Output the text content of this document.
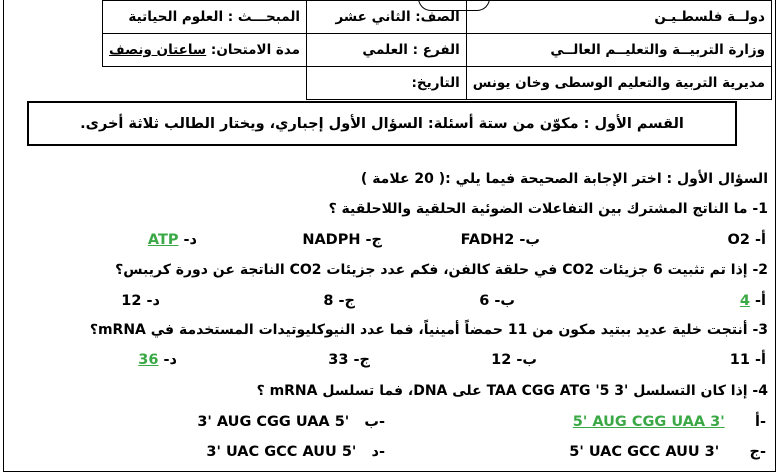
دولــة فلسطـيـن	الصف: الثاني عشر	المبحـــث : العلوم الحياتية
وزارة التربيــة والتعليــم العالــي	الفرع : العلمي	مدة الامتحان: ساعتان ونصف
مديرية التربية والتعليم الوسطى وخان يونس	التاريخ:	
القسم الأول : مكوّن من ستة أسئلة: السؤال الأول إجباري، ويختار الطالب ثلاثة أخرى.
السؤال الأول : اختر الإجابة الصحيحة فيما يلي :( 20 علامة )
1- ما الناتج المشترك بين التفاعلات الضوئية الحلقية واللاحلقية ؟
أ- O2
ب- FADH2
ج- NADPH
د- ATP
2- إذا تم تثبيت 6 جزيئات CO2 في حلقة كالفن، فكم عدد جزيئات CO2 الناتجة عن دورة كريبس؟
أ- 4
ب- 6
ج- 8
د- 12
3- أنتجت خلية عديد ببتيد مكون من 11 حمضاً أمينياً، فما عدد النيوكليوتيدات المستخدمة في mRNA؟
أ- 11
ب- 12
ج- 33
د- 36
4- إذا كان التسلسل '3 TAA CGG ATG '5 على DNA، فما تسلسل mRNA ؟
5' AUG CGG UAA 3' أ-
3' AUG CGG UAA 5' ب-
5' UAC GCC AUU 3' ج-
3' UAC GCC AUU 5' د-
